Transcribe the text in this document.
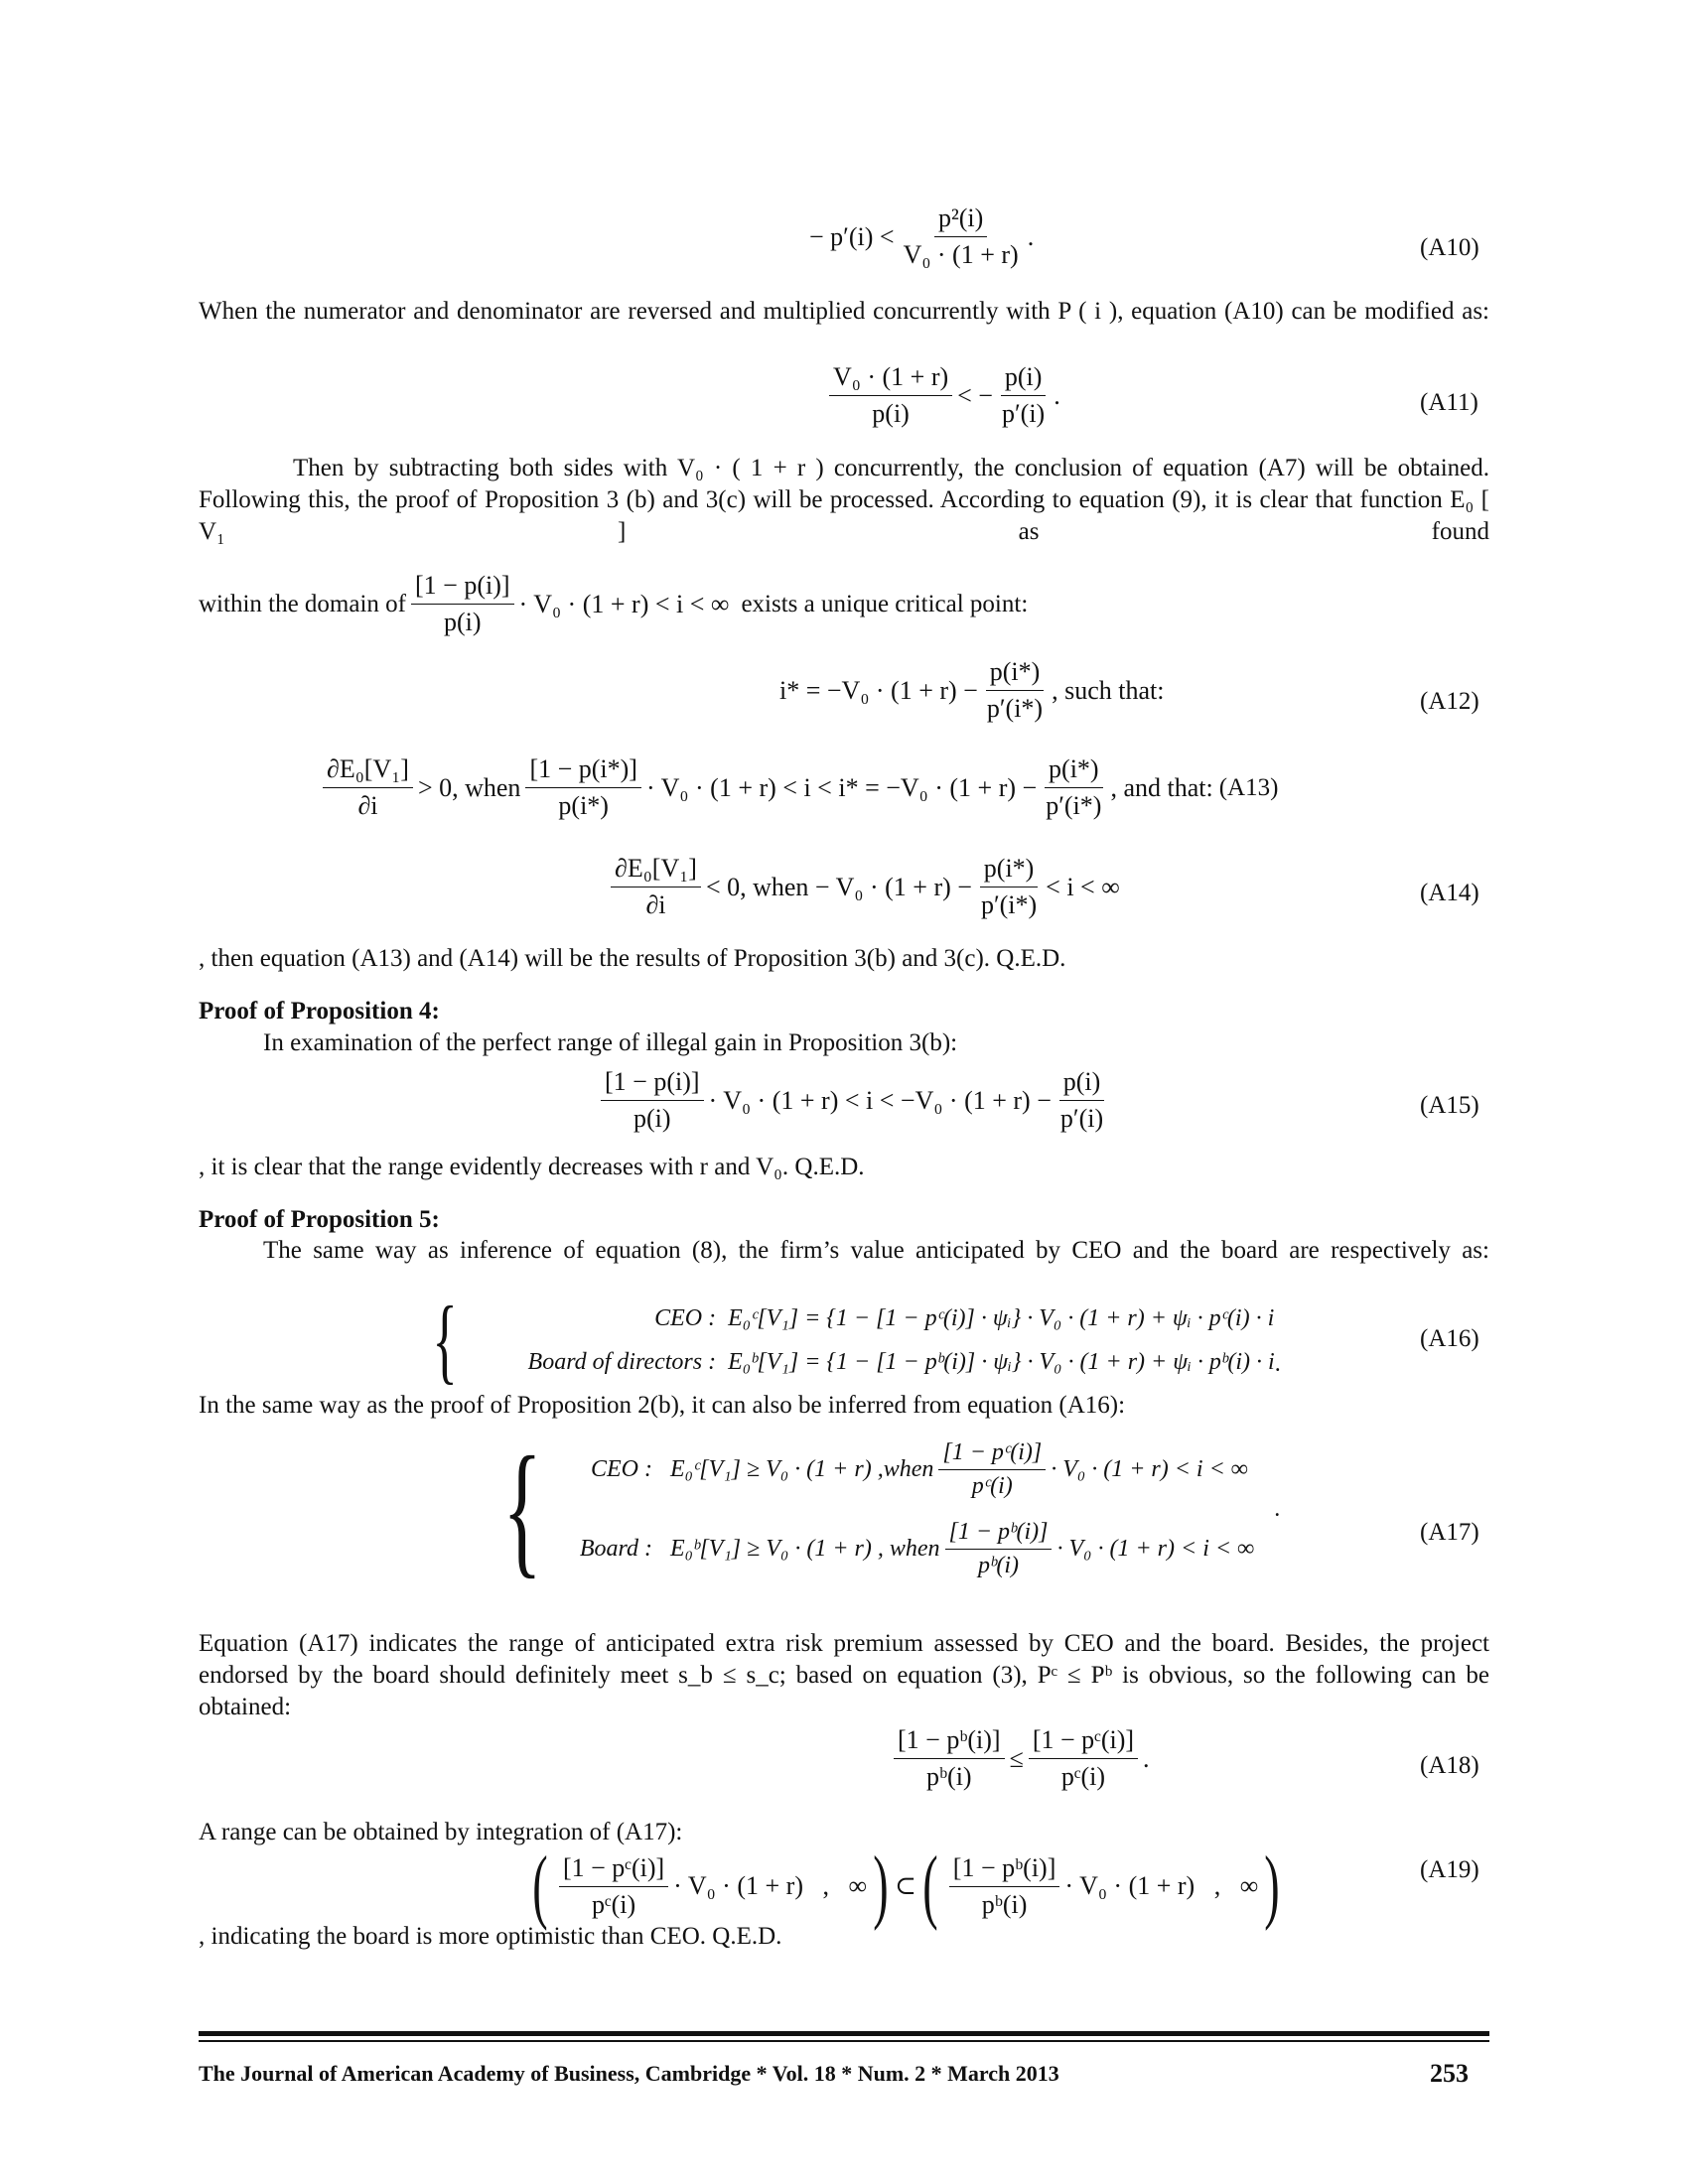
− $p'(i) < \frac{\text{p²(i)}}{\text{V₀ · (1 + r)}}$ .	(A10)
When the numerator and denominator are reversed and multiplied concurrently with P ( i ), equation (A10) can be modified as:
$\frac{\text{V₀ · (1 + r)}}{p(i)}$ < − $\frac{p(i)}{p'(i)}$ .	(A11)
Then by subtracting both sides with V₀ · ( 1 + r ) concurrently, the conclusion of equation (A7) will be obtained. Following this, the proof of Proposition 3 (b) and 3(c) will be processed. According to equation (9), it is clear that function E₀ [ V₁ ] as found
within the domain of $\frac{[1 - p(i)]}{p(i)} \cdot V_0 \cdot (1 + r) < i$ < ∞ exists a unique critical point:
$i* = -V_0 \cdot (1 + r) - \frac{p(i*)}{p'(i*)}$ , such that:	(A12)
$\frac{\text{∂E₀[V₁]}}{\partial i} > 0$, when $\frac{[1 - p(i*)]}{p(i*)} \cdot V_0 \cdot (1 + r) < i < i* = -V_0 \cdot (1 + r) - \frac{p(i*)}{p'(i*)}$ , and that: (A13)
$\frac{\text{∂E₀[V₁]}}{\partial i} < 0$, when − $V_0 \cdot (1 + r) - \frac{p(i*)}{p'(i*)} < i$ < ∞	(A14)
, then equation (A13) and (A14) will be the results of Proposition 3(b) and 3(c). Q.E.D.
Proof of Proposition 4:
In examination of the perfect range of illegal gain in Proposition 3(b):
$\frac{[1 - p(i)]}{p(i)} \cdot V_0 \cdot (1 + r) < i < -V_0 \cdot (1 + r) - \frac{p(i)}{p'(i)}$	(A15)
, it is clear that the range evidently decreases with r and V₀. Q.E.D.
Proof of Proposition 5:
The same way as inference of equation (8), the firm’s value anticipated by CEO and the board are respectively as:
{	CEO : E₀ᶜ[V₁] = {1 − [1 − pᶜ(i)] · ψᵢ} · V₀ · (1 + r) + ψᵢ · pᶜ(i) · i
Board of directors : E₀ᵇ[V₁] = {1 − [1 − pᵇ(i)] · ψᵢ} · V₀ · (1 + r) + ψᵢ · pᵇ(i) · i .
(A16)
In the same way as the proof of Proposition 2(b), it can also be inferred from equation (A16):
{	CEO : E₀ᶜ[V₁] ≥ V₀ · (1 + r) ,when $\frac{\text{[1 − pᶜ(i)]}}{\text{pᶜ(i)}} \cdot V_0 \cdot (1 + r) < i$ < ∞
Board : E₀ᵇ[V₁] ≥ V₀ · (1 + r) , when $\frac{\text{[1 − pᵇ(i)]}}{\text{pᵇ(i)}} \cdot V_0 \cdot (1 + r) < i$ < ∞
.
(A17)
Equation (A17) indicates the range of anticipated extra risk premium assessed by CEO and the board. Besides, the project endorsed by the board should definitely meet s_b ≤ s_c; based on equation (3), Pᶜ ≤ Pᵇ is obvious, so the following can be obtained:
$\frac{\text{[1 − pᵇ(i)]}}{\text{pᵇ(i)}} \le \frac{\text{[1 − pᶜ(i)]}}{\text{pᶜ(i)}}$ .	(A18)
A range can be obtained by integration of (A17):
( $\frac{\text{[1 − pᶜ(i)]}}{\text{pᶜ(i)}} \cdot V_0 \cdot (1 + r)$   ,   ∞ ) ⊂ ( $\frac{\text{[1 − pᵇ(i)]}}{\text{pᵇ(i)}} \cdot V_0 \cdot (1 + r)$   ,   ∞ )	(A19)
, indicating the board is more optimistic than CEO. Q.E.D.
The Journal of American Academy of Business, Cambridge * Vol. 18 * Num. 2 * March 2013	253
